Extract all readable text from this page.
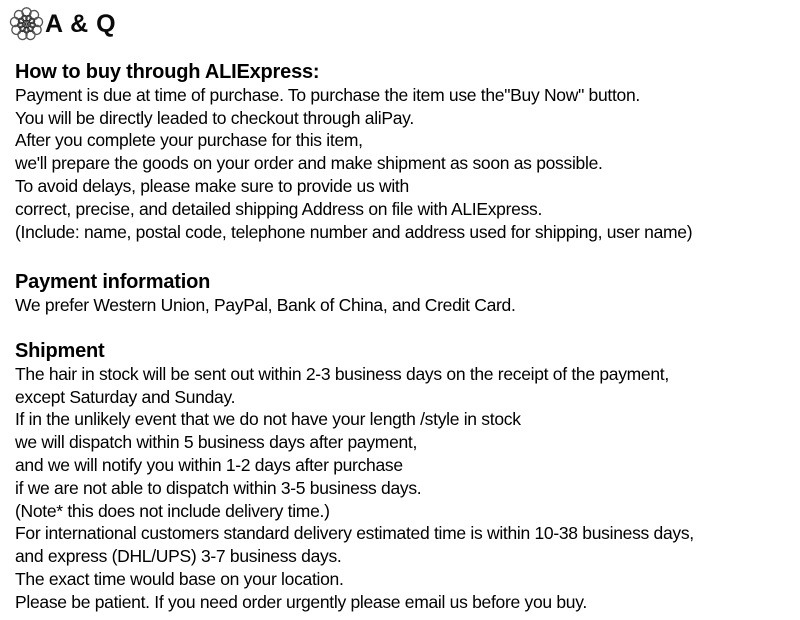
A & Q
How to buy through ALIExpress:
Payment is due at time of purchase. To purchase the item use the"Buy Now" button.
You will be directly leaded to checkout through aliPay.
After you complete your purchase for this item,
we'll prepare the goods on your order and make shipment as soon as possible.
To avoid delays, please make sure to provide us with
correct, precise, and detailed shipping Address on file with ALIExpress.
(Include: name, postal code, telephone number and address used for shipping, user name)
Payment information
We prefer Western Union, PayPal, Bank of China, and Credit Card.
Shipment
The hair in stock will be sent out within 2-3 business days on the receipt of the payment,
except Saturday and Sunday.
If in the unlikely event that we do not have your length /style in stock
we will dispatch within 5 business days after payment,
and we will notify you within 1-2 days after purchase
if we are not able to dispatch within 3-5 business days.
(Note* this does not include delivery time.)
For international customers standard delivery estimated time is within 10-38 business days,
and express (DHL/UPS) 3-7 business days.
The exact time would base on your location.
Please be patient. If you need order urgently please email us before you buy.
